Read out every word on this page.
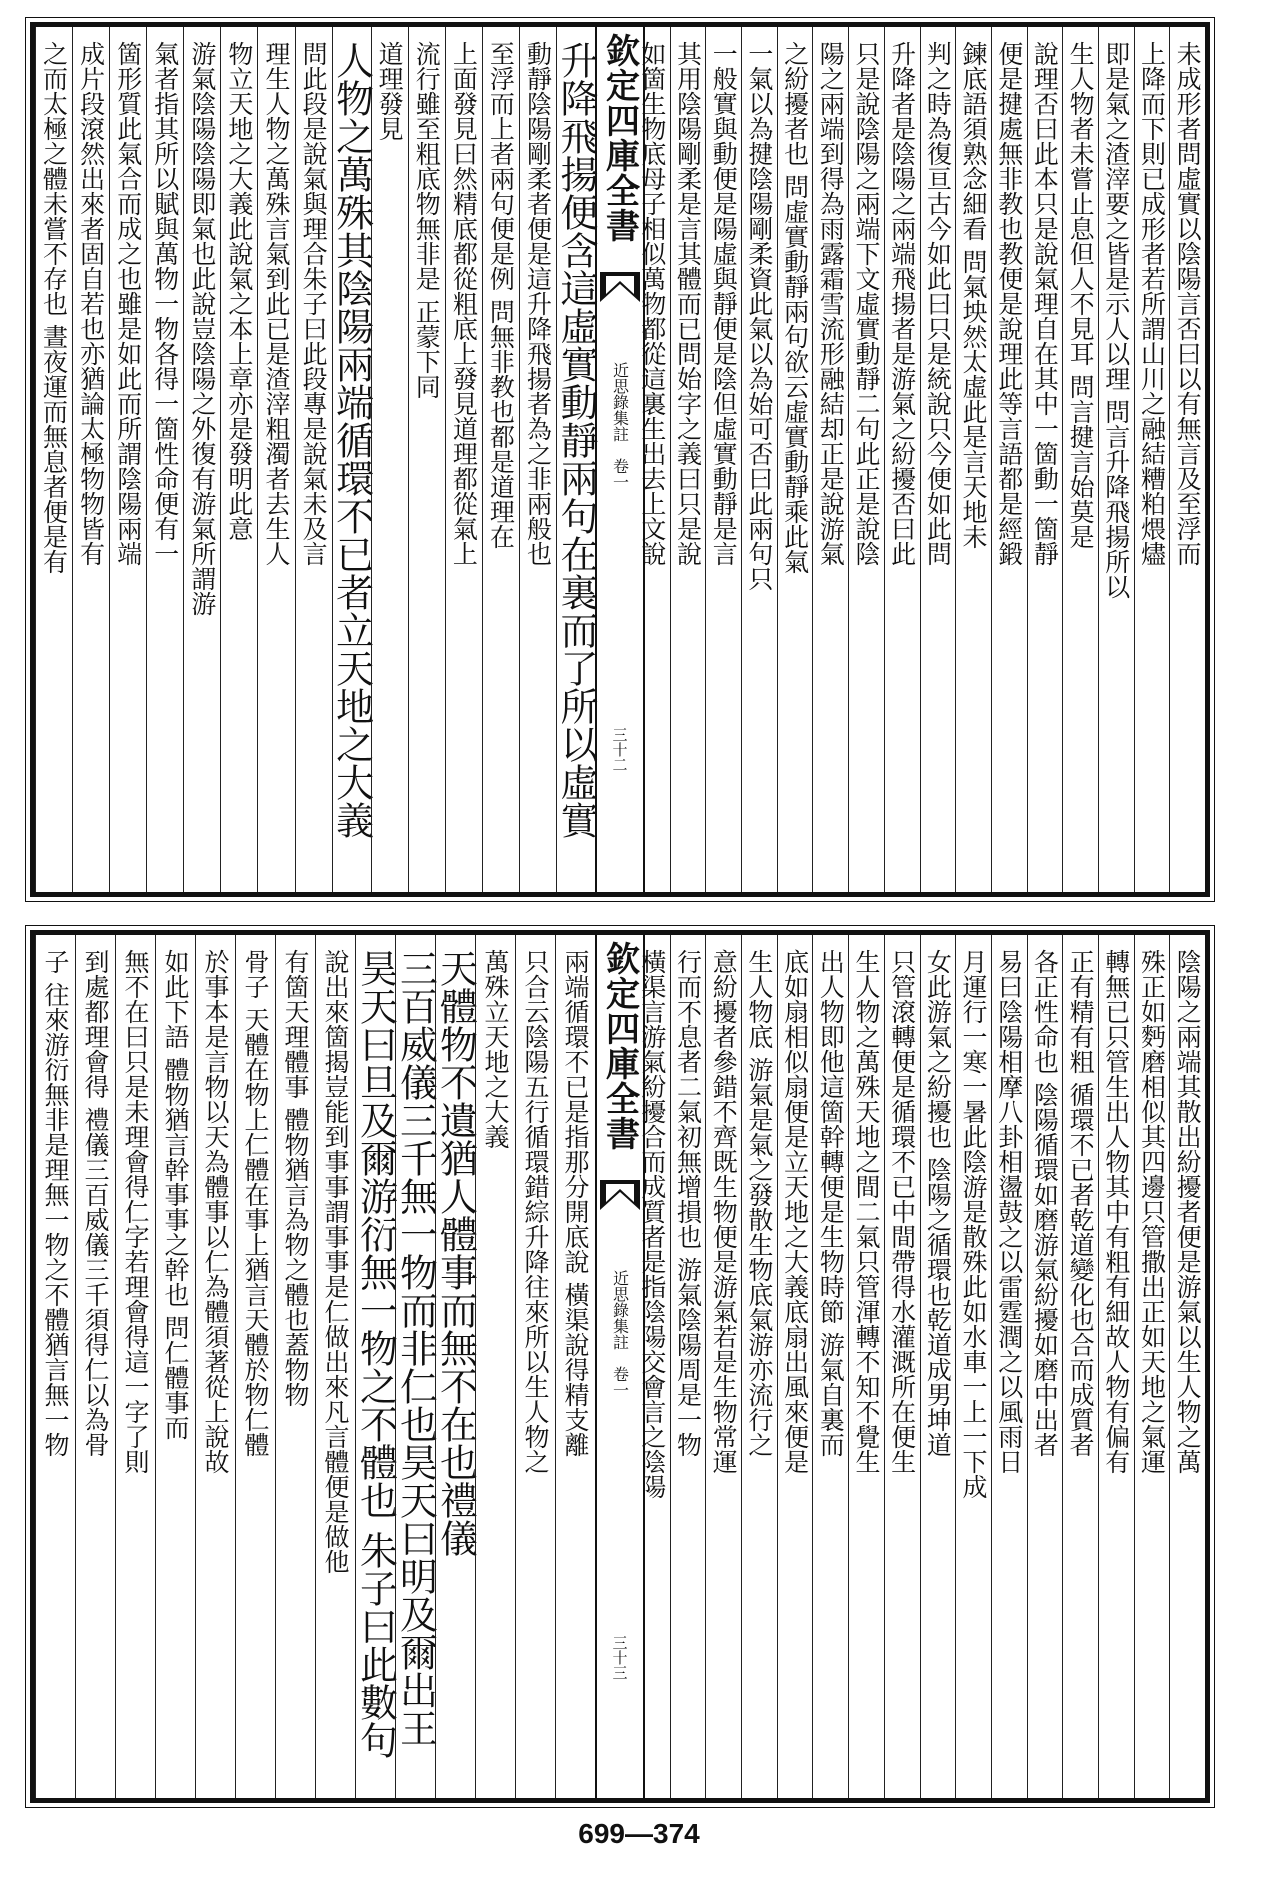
升降飛揚便含這虛實動靜兩句在裏而了所以虛實
動靜陰陽剛柔者便是這升降飛揚者為之非兩般也
至浮而上者兩句便是例 問無非教也都是道理在
上面發見曰然精底都從粗底上發見道理都從氣上
流行雖至粗底物無非是 正蒙下同
道理發見
人物之萬殊其陰陽兩端循環不已者立天地之大義
問此段是說氣與理合朱子曰此段專是說氣未及言
理生人物之萬殊言氣到此已是渣滓粗濁者去生人
物立天地之大義此說氣之本上章亦是發明此意
游氣陰陽陰陽即氣也此說豈陰陽之外復有游氣所謂游
氣者指其所以賦與萬物一物各得一箇性命便有一
箇形質此氣合而成之也雖是如此而所謂陰陽兩端
成片段滾然出來者固自若也亦猶論太極物物皆有
之而太極之體未嘗不存也 晝夜運而無息者便是有	欽定四庫全書
近思錄集註　卷一
三十二
未成形者問虛實以陰陽言否曰以有無言及至浮而
上降而下則已成形者若所謂山川之融結糟粕煨燼
即是氣之渣滓要之皆是示人以理 問言升降飛揚所以
生人物者未嘗止息但人不見耳 問言揵言始莫是
說理否曰此本只是說氣理自在其中一箇動一箇靜
便是揵處無非教也教便是說理此等言語都是經鍛
鍊底語須熟念細看 問氣坱然太虛此是言天地未
判之時為復亘古今如此曰只是統說只今便如此問
升降者是陰陽之兩端飛揚者是游氣之紛擾否曰此
只是說陰陽之兩端下文虛實動靜二句此正是說陰
陽之兩端到得為雨露霜雪流形融結却正是說游氣
之紛擾者也 問虛實動靜兩句欲云虛實動靜乘此氣
一氣以為揵陰陽剛柔資此氣以為始可否曰此兩句只
一般實與動便是陽虛與靜便是陰但虛實動靜是言
其用陰陽剛柔是言其體而已問始字之義曰只是說
如箇生物底母子相似萬物都從這裏生出去上文說
兩端循環不已是指那分開底說 橫渠說得精支離
只合云陰陽五行循環錯綜升降往來所以生人物之
萬殊立天地之大義
天體物不遺猶人體事而無不在也禮儀
三百威儀三千無一物而非仁也昊天曰明及爾出王
昊天曰旦及爾游衍無一物之不體也 朱子曰此數句
說出來箇揭豈能到事事謂事事是仁做出來凡言體便是做他
有箇天理體事 體物猶言為物之體也蓋物物
骨子 天體在物上仁體在事上猶言天體於物仁體
於事本是言物以天為體事以仁為體須著從上說故
如此下語 體物猶言幹事事之幹也 問仁體事而
無不在曰只是未理會得仁字若理會得這一字了則
到處都理會得 禮儀三百威儀三千須得仁以為骨
子 往來游衍無非是理無一物之不體猶言無一物	欽定四庫全書
近思錄集註　卷一
三十三
陰陽之兩端其散出紛擾者便是游氣以生人物之萬
殊正如麪磨相似其四邊只管撒出正如天地之氣運
轉無已只管生出人物其中有粗有細故人物有偏有
正有精有粗 循環不已者乾道變化也合而成質者
各正性命也 陰陽循環如磨游氣紛擾如磨中出者
易曰陰陽相摩八卦相盪鼓之以雷霆潤之以風雨日
月運行一寒一暑此陰游是散殊此如水車一上一下成
女此游氣之紛擾也 陰陽之循環也乾道成男坤道
只管滾轉便是循環不已中間帶得水灌溉所在便生
生人物之萬殊天地之間二氣只管渾轉不知不覺生
出人物即他這箇幹轉便是生物時節 游氣自裏而
底如扇相似扇便是立天地之大義底扇出風來便是
生人物底 游氣是氣之發散生物底氣游亦流行之
意紛擾者參錯不齊既生物便是游氣若是生物常運
行而不息者二氣初無增損也 游氣陰陽周是一物
橫渠言游氣紛擾合而成質者是指陰陽交會言之陰陽
699—374
